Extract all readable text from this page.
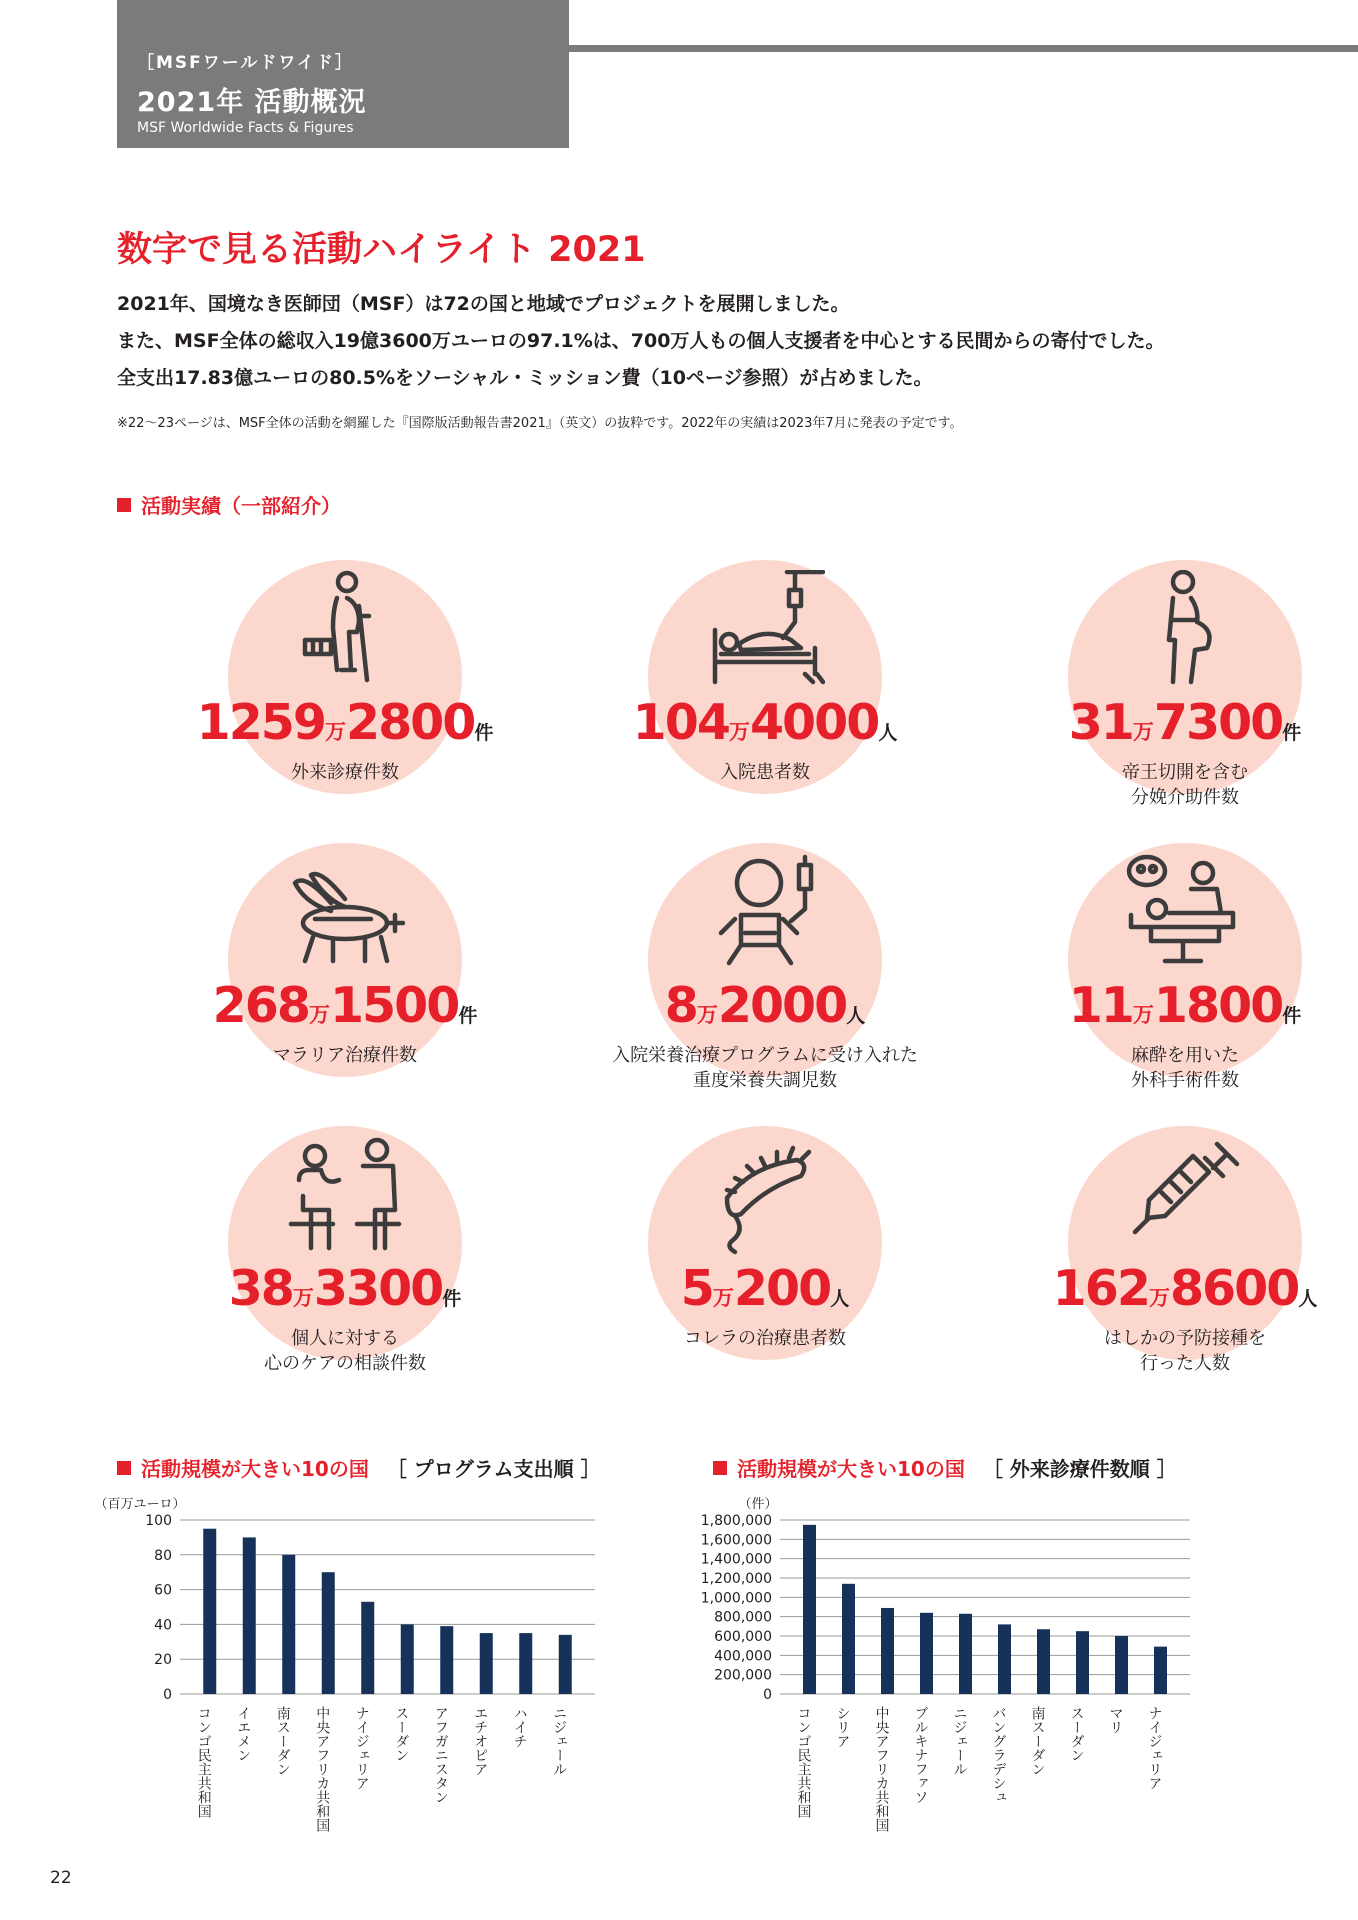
［MSFワールドワイド］
2021年 活動概況
MSF Worldwide Facts & Figures
数字で見る活動ハイライト 2021
2021年、国境なき医師団（MSF）は72の国と地域でプロジェクトを展開しました。
また、MSF全体の総収入19億3600万ユーロの97.1%は、700万人もの個人支援者を中心とする民間からの寄付でした。
全支出17.83億ユーロの80.5%をソーシャル・ミッション費（10ページ参照）が占めました。
※22〜23ページは、MSF全体の活動を網羅した『国際版活動報告書2021』（英文）の抜粋です。2022年の実績は2023年7月に発表の予定です。
活動実績（一部紹介）
1259万2800件
外来診療件数
104万4000人
入院患者数
31万7300件
帝王切開を含む
分娩介助件数
268万1500件
マラリア治療件数
8万2000人
入院栄養治療プログラムに受け入れた
重度栄養失調児数
11万1800件
麻酔を用いた
外科手術件数
38万3300件
個人に対する
心のケアの相談件数
5万200人
コレラの治療患者数
162万8600人
はしかの予防接種を
行った人数
活動規模が大きい10の国 ［ プログラム支出順 ］
（百万ユーロ）
0
20
40
60
80
100
コンゴ民主共和国 イエメン 南スーダン 中央アフリカ共和国 ナイジェリア スーダン アフガニスタン エチオピア ハイチ ニジェール
活動規模が大きい10の国 ［ 外来診療件数順 ］
（件）
0
200,000
400,000
600,000
800,000
1,000,000
1,200,000
1,400,000
1,600,000
1,800,000
コンゴ民主共和国 シリア 中央アフリカ共和国 ブルキナファソ ニジェール バングラデシュ 南スーダン スーダン マリ ナイジェリア
22
